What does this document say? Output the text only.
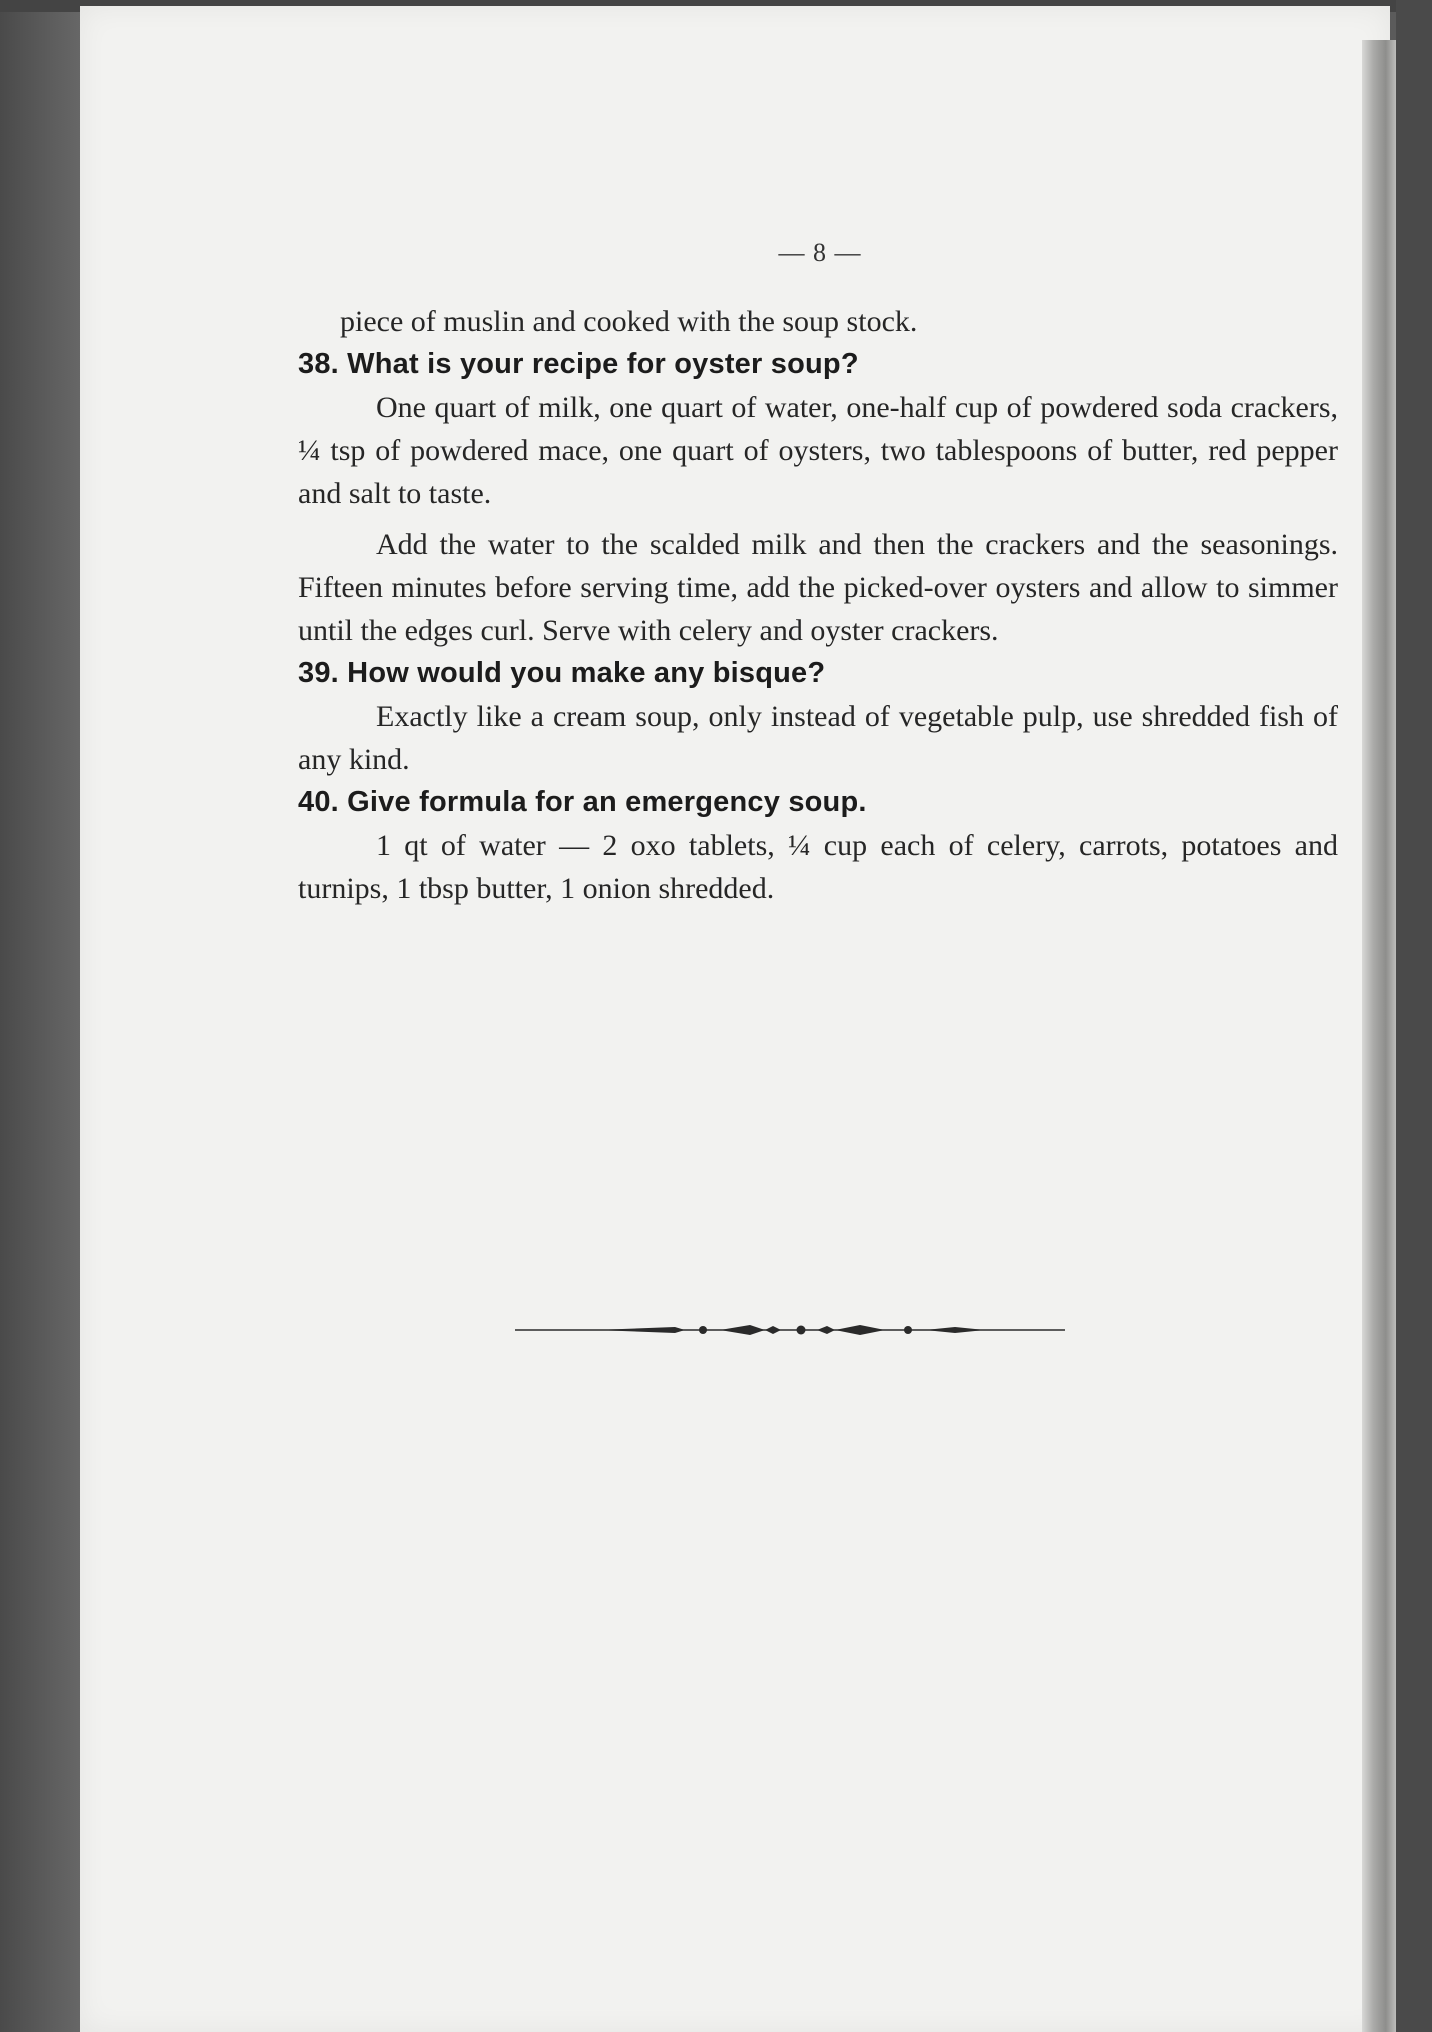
— 8 —

piece of muslin and cooked with the soup stock.

38. What is your recipe for oyster soup?

One quart of milk, one quart of water, one-half cup of powdered soda crackers, ¼ tsp of powdered mace, one quart of oysters, two tablespoons of butter, red pepper and salt to taste.

Add the water to the scalded milk and then the crackers and the seasonings. Fifteen minutes before serving time, add the picked-over oysters and allow to simmer until the edges curl. Serve with celery and oyster crackers.

39. How would you make any bisque?

Exactly like a cream soup, only instead of vegetable pulp, use shredded fish of any kind.

40. Give formula for an emergency soup.

1 qt of water — 2 oxo tablets, ¼ cup each of celery, carrots, potatoes and turnips, 1 tbsp butter, 1 onion shredded.
